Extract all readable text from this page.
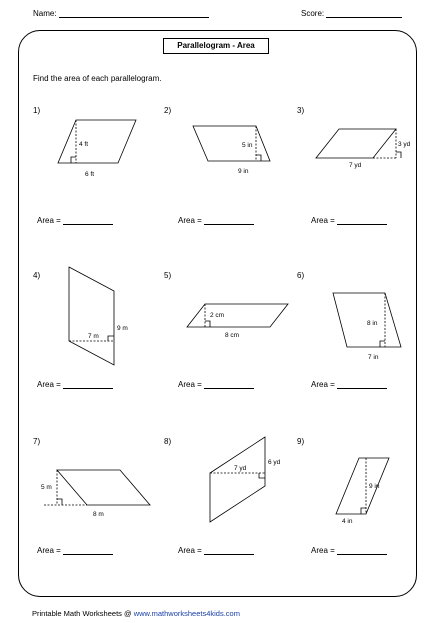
Name:	Score:
Parallelogram - Area
Find the area of each parallelogram.
1)	2)	3)
4)	5)	6)
7)	8)	9)
4 ft
6 ft
5 in
9 in
3 yd
7 yd
9 m
7 m
2 cm
8 cm
8 in
7 in
5 m
8 m
6 yd
7 yd
9 in
4 in
Area =	Area =	Area =
Area =	Area =	Area =
Area =	Area =	Area =
Printable Math Worksheets @ www.mathworksheets4kids.com
